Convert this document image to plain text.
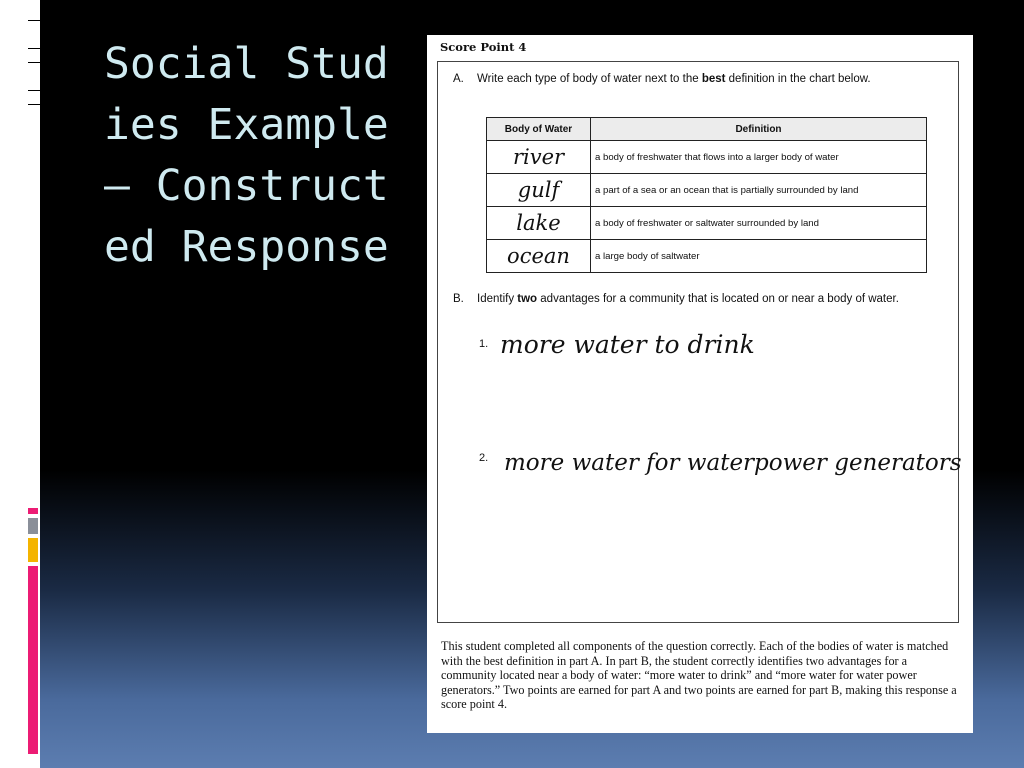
Social Studies Example – Constructed Response
Score Point 4
A. Write each type of body of water next to the best definition in the chart below.
Body of Water	Definition
river	a body of freshwater that flows into a larger body of water
gulf	a part of a sea or an ocean that is partially surrounded by land
lake	a body of freshwater or saltwater surrounded by land
ocean	a large body of saltwater
B. Identify two advantages for a community that is located on or near a body of water.
1. more water to drink
2. more water for waterpower generators

This student completed all components of the question correctly. Each of the bodies of water is matched with the best definition in part A. In part B, the student correctly identifies two advantages for a community located near a body of water: “more water to drink” and “more water for water power generators.” Two points are earned for part A and two points are earned for part B, making this response a score point 4.
